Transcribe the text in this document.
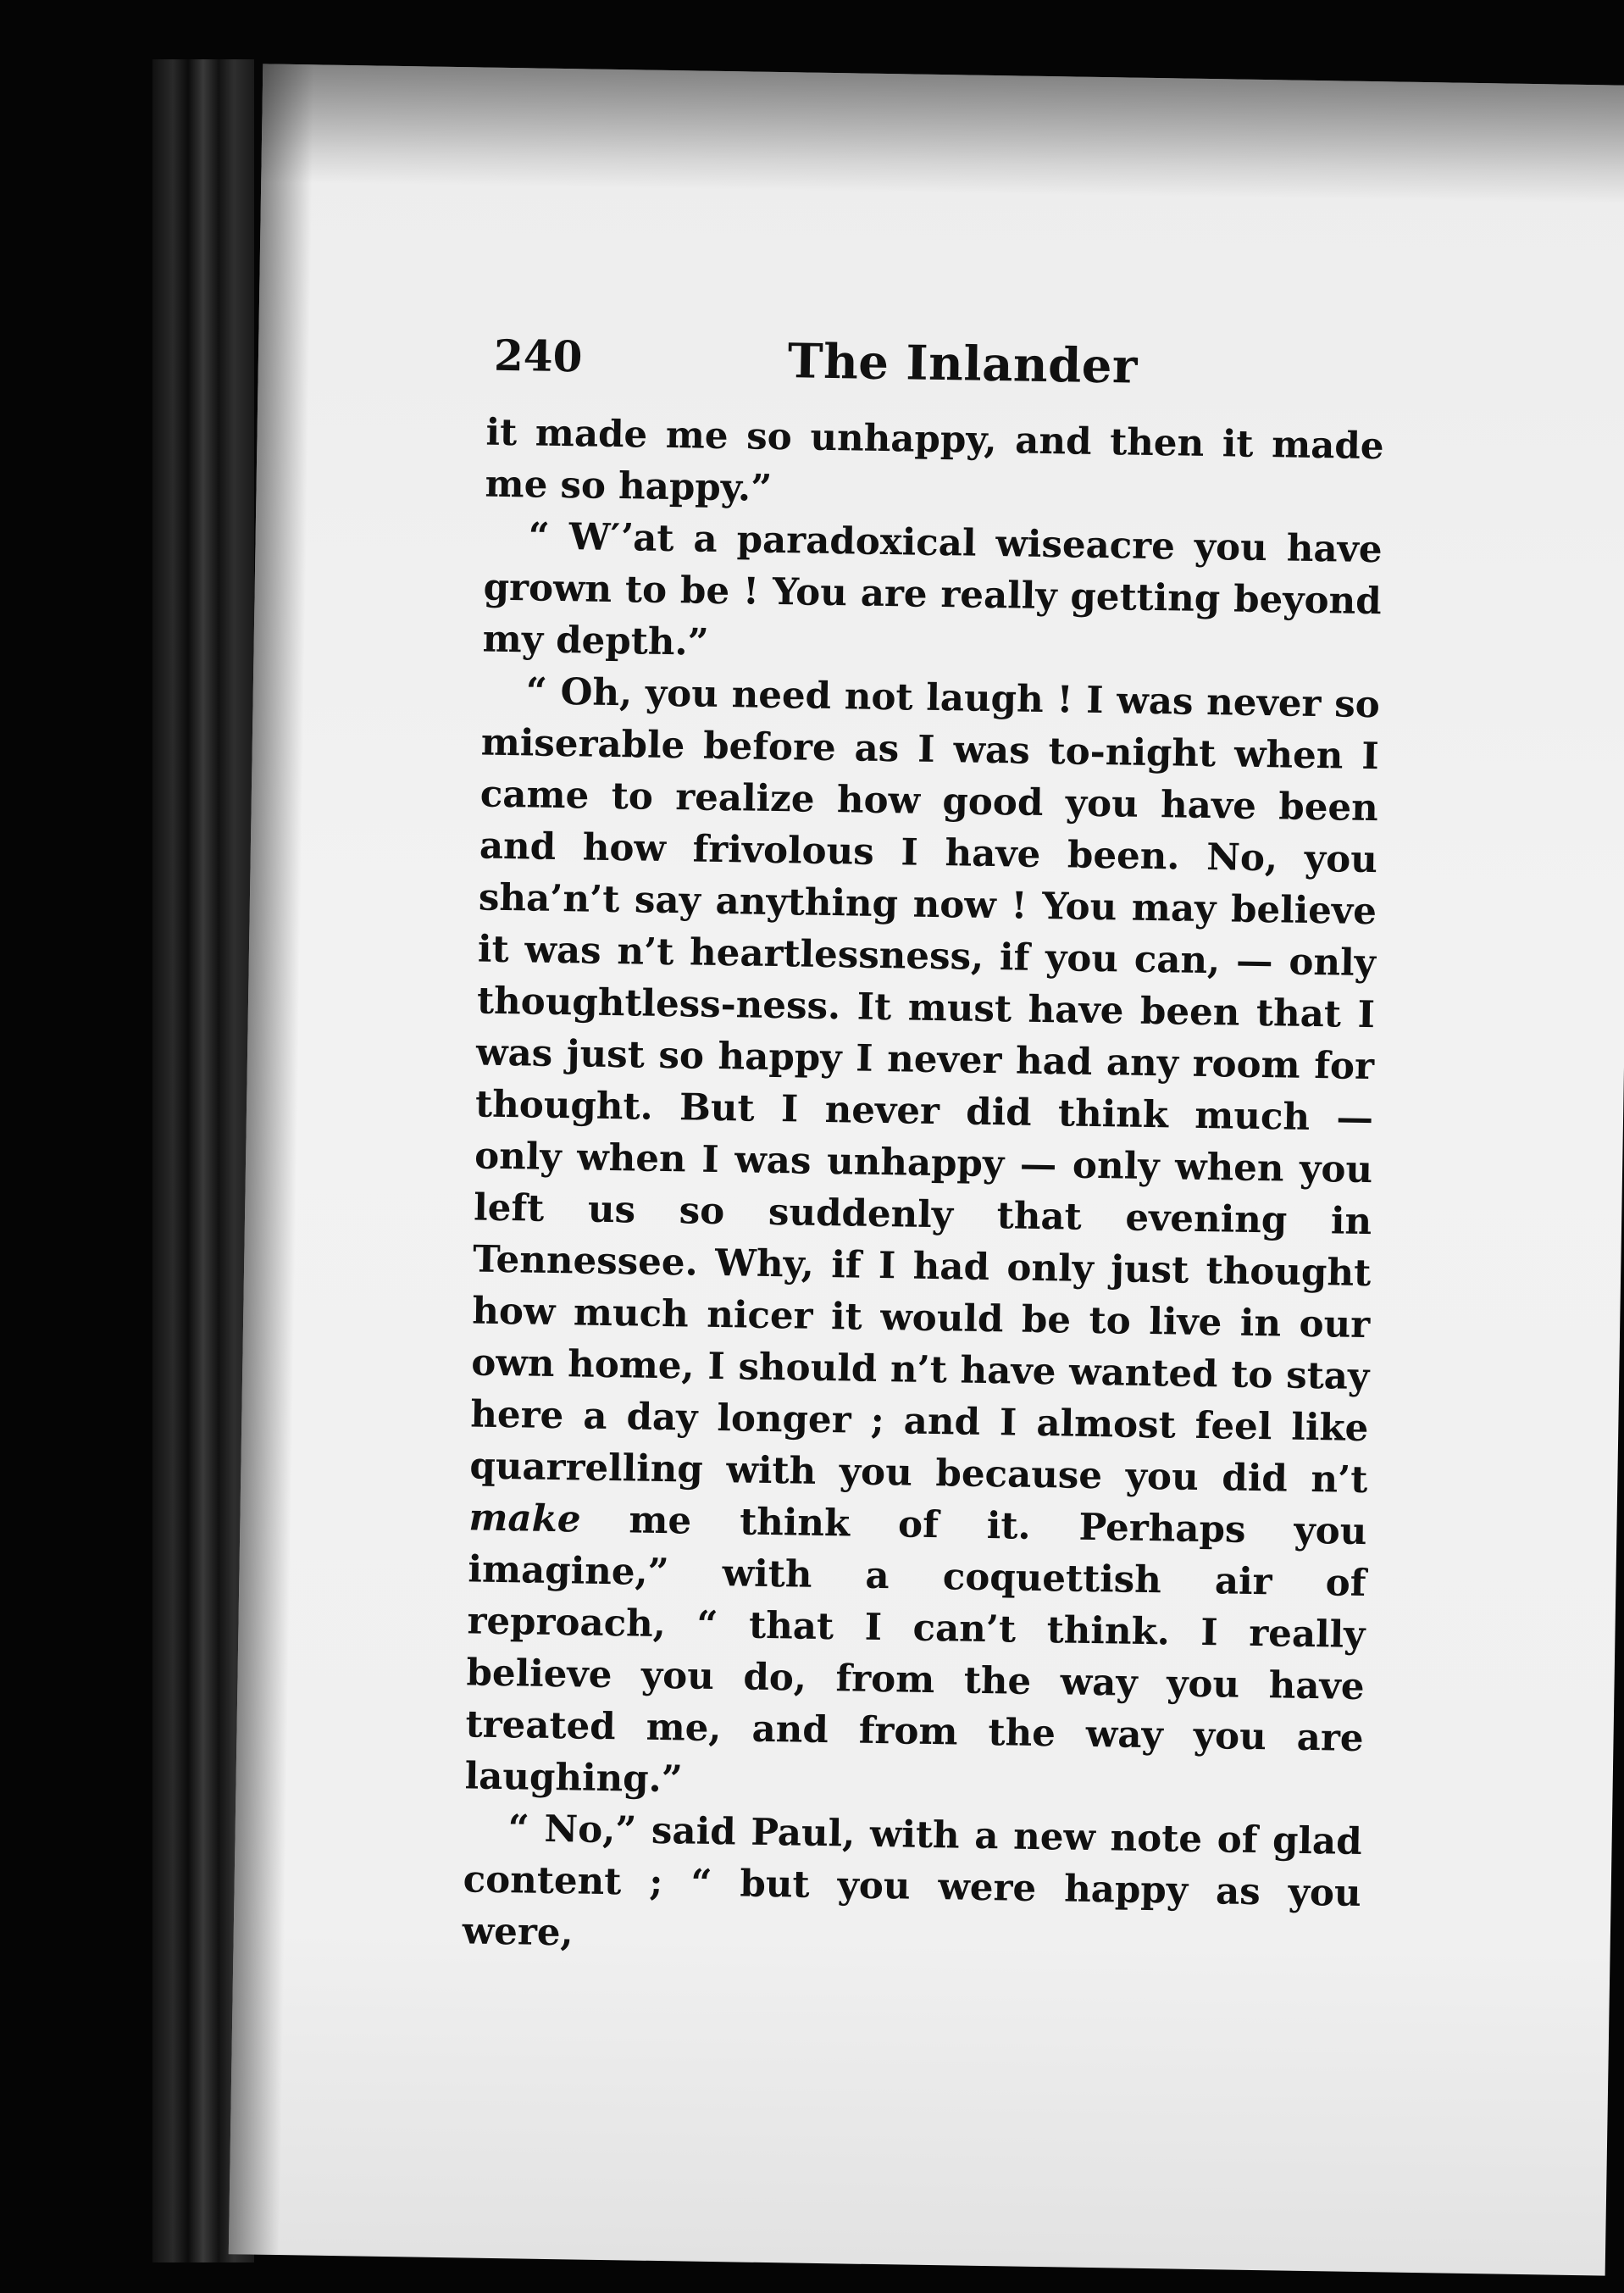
240	The Inlander

it made me so unhappy, and then it made me so happy.”

“ W′ʼat a paradoxical wiseacre you have grown to be ! You are really getting beyond my depth.”

“ Oh, you need not laugh ! I was never so miserable before as I was to-night when I came to realize how good you have been and how frivolous I have been. No, you sha’n’t say anything now ! You may believe it was n’t heartlessness, if you can, — only thoughtless-ness. It must have been that I was just so happy I never had any room for thought. But I never did think much — only when I was unhappy — only when you left us so suddenly that evening in Tennessee. Why, if I had only just thought how much nicer it would be to live in our own home, I should n’t have wanted to stay here a day longer ; and I almost feel like quarrelling with you because you did n’t make me think of it. Perhaps you imagine,” with a coquettish air of reproach, “ that I can’t think. I really believe you do, from the way you have treated me, and from the way you are laughing.”

“ No,” said Paul, with a new note of glad content ; “ but you were happy as you were,
